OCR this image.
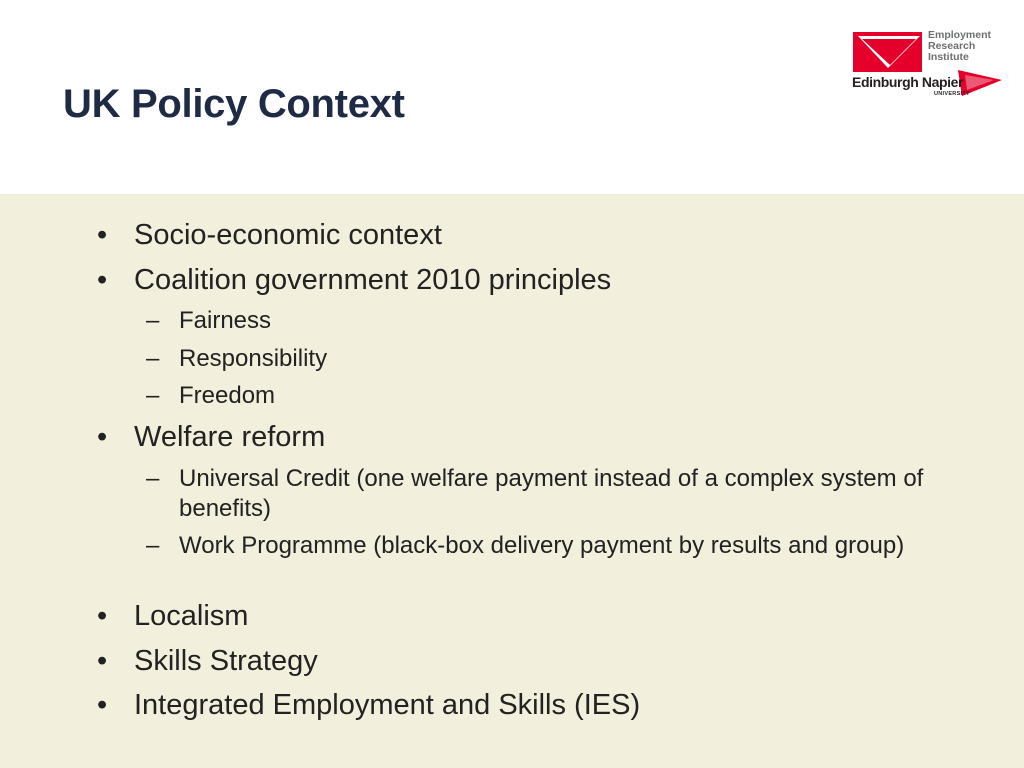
UK Policy Context
Employment
Research
Institute
Edinburgh Napier
UNIVERSITY
• Socio-economic context
• Coalition government 2010 principles
– Fairness
– Responsibility
– Freedom
• Welfare reform
– Universal Credit (one welfare payment instead of a complex system of benefits)
– Work Programme (black-box delivery payment by results and group)
• Localism
• Skills Strategy
• Integrated Employment and Skills (IES)
